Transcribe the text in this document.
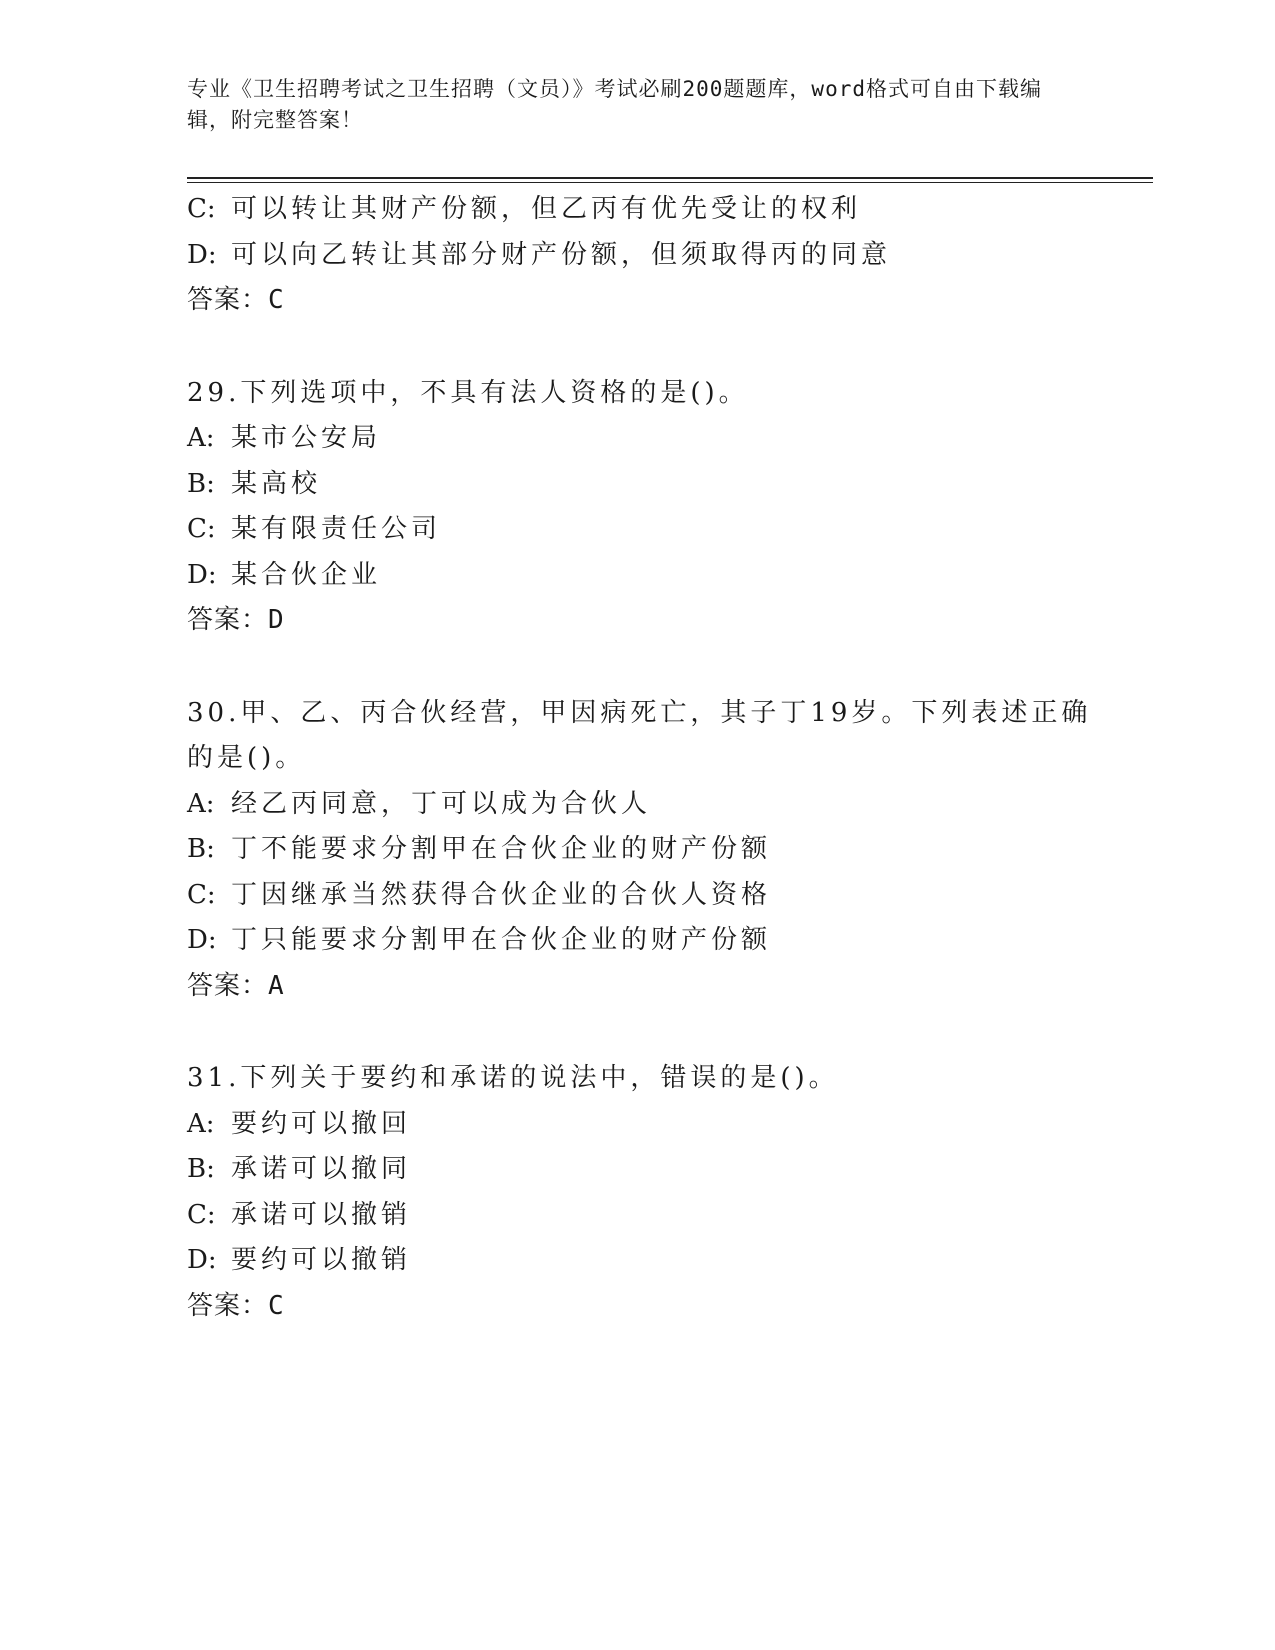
专业《卫生招聘考试之卫生招聘（文员）》考试必刷200题题库，word格式可自由下载编辑，附完整答案！

C: 可以转让其财产份额，但乙丙有优先受让的权利

D: 可以向乙转让其部分财产份额，但须取得丙的同意

答案：C

29.下列选项中，不具有法人资格的是()。

A: 某市公安局

B: 某高校

C: 某有限责任公司

D: 某合伙企业

答案：D

30.甲、乙、丙合伙经营，甲因病死亡，其子丁19岁。下列表述正确

的是()。

A: 经乙丙同意，丁可以成为合伙人

B: 丁不能要求分割甲在合伙企业的财产份额

C: 丁因继承当然获得合伙企业的合伙人资格

D: 丁只能要求分割甲在合伙企业的财产份额

答案：A

31.下列关于要约和承诺的说法中，错误的是()。

A: 要约可以撤回

B: 承诺可以撤同

C: 承诺可以撤销

D: 要约可以撤销

答案：C
